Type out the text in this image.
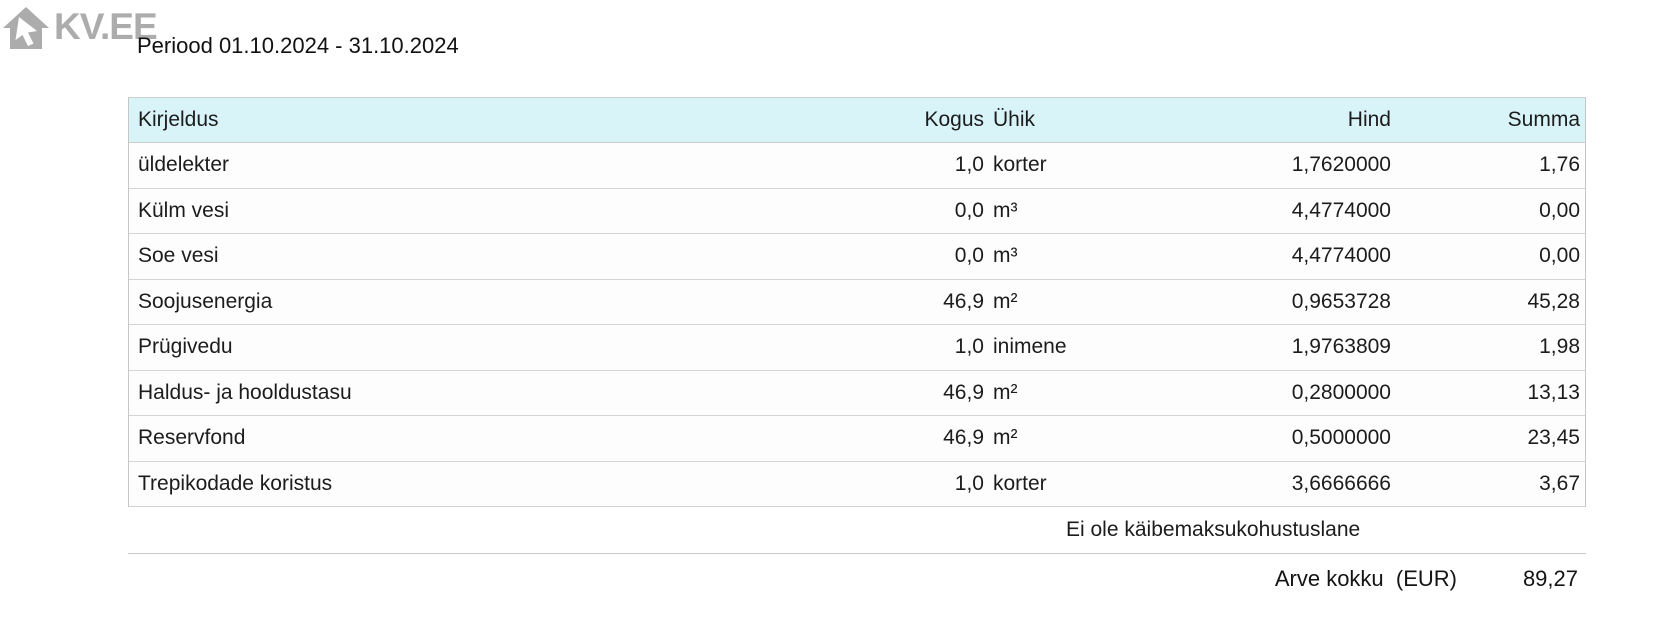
KV.EE
Periood 01.10.2024 - 31.10.2024
Kirjeldus	Kogus Ühik	Hind	Summa
üldelekter	1,0 korter	1,7620000	1,76
Külm vesi	0,0 m³	4,4774000	0,00
Soe vesi	0,0 m³	4,4774000	0,00
Soojusenergia	46,9 m²	0,9653728	45,28
Prügivedu	1,0 inimene	1,9763809	1,98
Haldus- ja hooldustasu	46,9 m²	0,2800000	13,13
Reservfond	46,9 m²	0,5000000	23,45
Trepikodade koristus	1,0 korter	3,6666666	3,67
Ei ole käibemaksukohustuslane
Arve kokku  (EUR)	89,27
